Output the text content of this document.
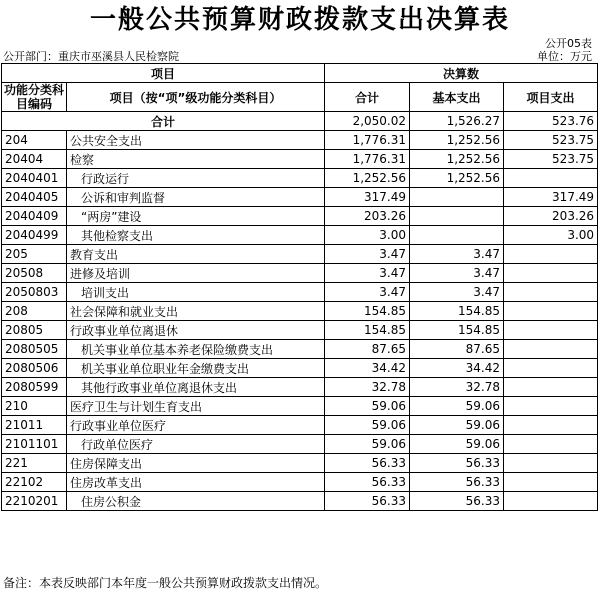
一般公共预算财政拨款支出决算表
公开05表
公开部门：重庆市巫溪县人民检察院	单位：万元
项目		决算数		
功能分类科目编码	项目（按“项”级功能分类科目）	合计	基本支出	项目支出
合计		2,050.02	1,526.27	523.76
204	公共安全支出	1,776.31	1,252.56	523.75
20404	检察	1,776.31	1,252.56	523.75
2040401	行政运行	1,252.56	1,252.56	
2040405	公诉和审判监督	317.49		317.49
2040409	“两房”建设	203.26		203.26
2040499	其他检察支出	3.00		3.00
205	教育支出	3.47	3.47	
20508	进修及培训	3.47	3.47	
2050803	培训支出	3.47	3.47	
208	社会保障和就业支出	154.85	154.85	
20805	行政事业单位离退休	154.85	154.85	
2080505	机关事业单位基本养老保险缴费支出	87.65	87.65	
2080506	机关事业单位职业年金缴费支出	34.42	34.42	
2080599	其他行政事业单位离退休支出	32.78	32.78	
210	医疗卫生与计划生育支出	59.06	59.06	
21011	行政事业单位医疗	59.06	59.06	
2101101	行政单位医疗	59.06	59.06	
221	住房保障支出	56.33	56.33	
22102	住房改革支出	56.33	56.33	
2210201	住房公积金	56.33	56.33	
备注：本表反映部门本年度一般公共预算财政拨款支出情况。
